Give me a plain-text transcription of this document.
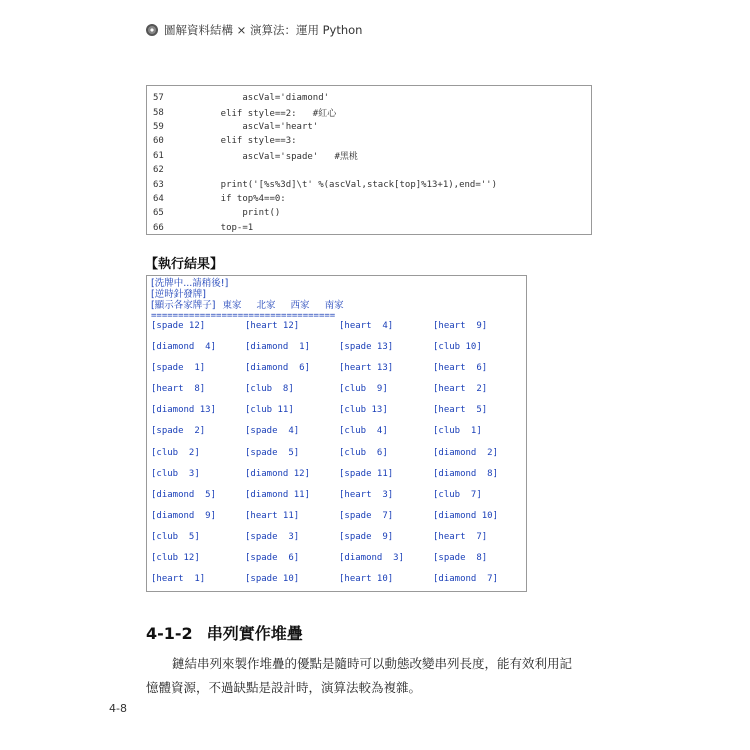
圖解資料結構 × 演算法：運用 Python
57	ascVal='diamond'
58	elif style==2:   #紅心
59	ascVal='heart'
60	elif style==3:
61	ascVal='spade'   #黑桃
62
63	print('[%s%3d]\t' %(ascVal,stack[top]%13+1),end='')
64	if top%4==0:
65	print()
66	top-=1
【執行結果】
[洗牌中...請稍後!]
[逆時針發牌]
[顯示各家牌子] 東家 北家 西家 南家
==================================
[spade 12]	[heart 12]	[heart  4]	[heart  9]
[diamond  4]	[diamond  1]	[spade 13]	[club 10]
[spade  1]	[diamond  6]	[heart 13]	[heart  6]
[heart  8]	[club  8]	[club  9]	[heart  2]
[diamond 13]	[club 11]	[club 13]	[heart  5]
[spade  2]	[spade  4]	[club  4]	[club  1]
[club  2]	[spade  5]	[club  6]	[diamond  2]
[club  3]	[diamond 12]	[spade 11]	[diamond  8]
[diamond  5]	[diamond 11]	[heart  3]	[club  7]
[diamond  9]	[heart 11]	[spade  7]	[diamond 10]
[club  5]	[spade  3]	[spade  9]	[heart  7]
[club 12]	[spade  6]	[diamond  3]	[spade  8]
[heart  1]	[spade 10]	[heart 10]	[diamond  7]
4-1-2 串列實作堆疊
鏈結串列來製作堆疊的優點是隨時可以動態改變串列長度，能有效利用記
憶體資源，不過缺點是設計時，演算法較為複雜。
4-8
